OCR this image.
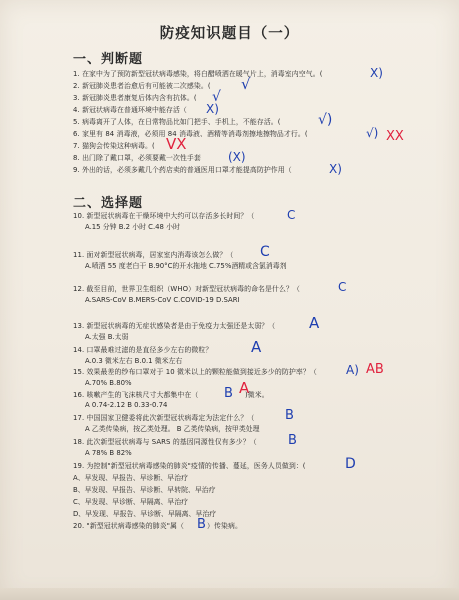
防疫知识题目（一）
一、判断题
1. 在家中为了预防新型冠状病毒感染，将白醋喷洒在暖气片上，消毒室内空气。(
2. 新冠肺炎患者治愈后有可能被二次感染。(
3. 新冠肺炎患者康复后体内含有抗体。(
4. 新冠状病毒在普通环境中能存活（
5. 病毒离开了人体，在日常物品比如门把手、手机上，不能存活。(
6. 家里有 84 消毒液，必须用 84 消毒液、酒精等消毒剂擦地擦物品才行。(
7. 猫狗会传染这种病毒。(
8. 出门除了戴口罩，必须要戴一次性手套
9. 外出的话，必须多戴几个药店卖的普通医用口罩才能提高防护作用（
X)
√
√
X)
√)
√) XX
VX
(X)
X)
二、选择题
10. 新型冠状病毒在干燥环境中大约可以存活多长时间？（
A.15 分钟 B.2 小时 C.48 小时
C
11. 面对新型冠状病毒，居家室内消毒该怎么做？（
A.喷洒 55 度老白干 B.90°C的开水拖地 C.75%酒精或含氯消毒剂
C
12. 截至目前，世界卫生组织（WHO）对新型冠状病毒的命名是什么？（
A.SARS-CoV B.MERS-CoV C.COVID-19 D.SARI
C
13. 新型冠状病毒的无症状感染者是由于免疫力太强还是太弱？（
A.太强 B.太弱
A
14. 口罩最难过滤的是直径多少左右的微粒？
A.0.3 微米左右 B.0.1 微米左右
A
15. 效果最差的纱布口罩对于 10 微米以上的颗粒能做到接近多少的防护率？（
A.70% B.80%
A) AB
16. 咳嗽产生的飞沫核尺寸大都集中在（
A 0.74-2.12 B 0.33-0.74
B A
)微米。
17. 中国国家卫健委将此次新型冠状病毒定为法定什么？（
A 乙类传染病，按乙类处理。 B 乙类传染病，按甲类处理
B
18. 此次新型冠状病毒与 SARS 的基因同源性仅有多少？（
A 78% B 82%
B
19. 为控制"新型冠状病毒感染的肺炎"疫情的传播、蔓延，医务人员做到：(	D
A、早发现、早报告、早诊断、早治疗
B、早发现、早报告、早诊断、早转院、早治疗
C、早发现、早诊断、早隔离、早治疗
D、早发现、早报告、早诊断、早隔离、早治疗
20. "新型冠状病毒感染的肺炎"属（ B ）传染病。
